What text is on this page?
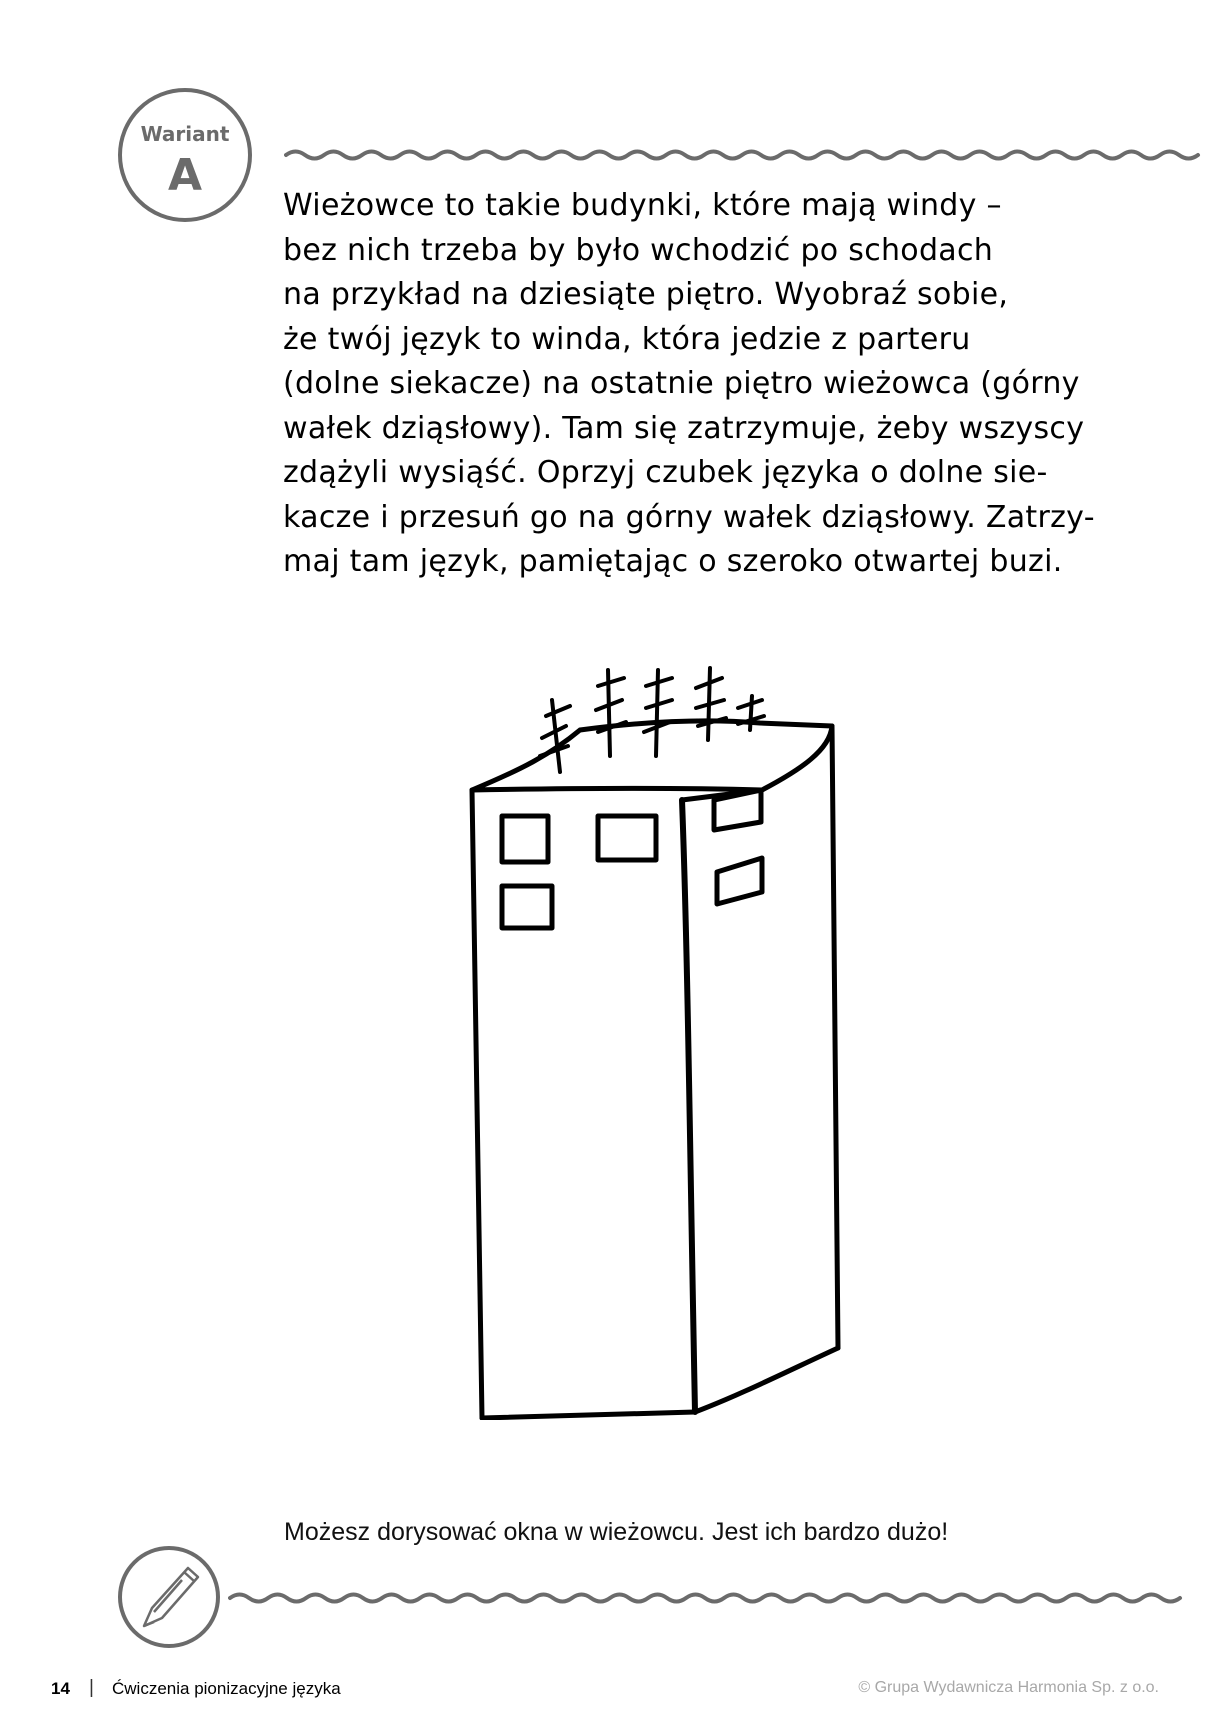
Wariant
A
Wieżowce to takie budynki, które mają windy –
bez nich trzeba by było wchodzić po schodach
na przykład na dziesiąte piętro. Wyobraź sobie,
że twój język to winda, która jedzie z parteru
(dolne siekacze) na ostatnie piętro wieżowca (górny
wałek dziąsłowy). Tam się zatrzymuje, żeby wszyscy
zdążyli wysiąść. Oprzyj czubek języka o dolne sie-
kacze i przesuń go na górny wałek dziąsłowy. Zatrzy-
maj tam język, pamiętając o szeroko otwartej buzi.
Możesz dorysować okna w wieżowcu. Jest ich bardzo dużo!
14 | Ćwiczenia pionizacyjne języka	© Grupa Wydawnicza Harmonia Sp. z o.o.
